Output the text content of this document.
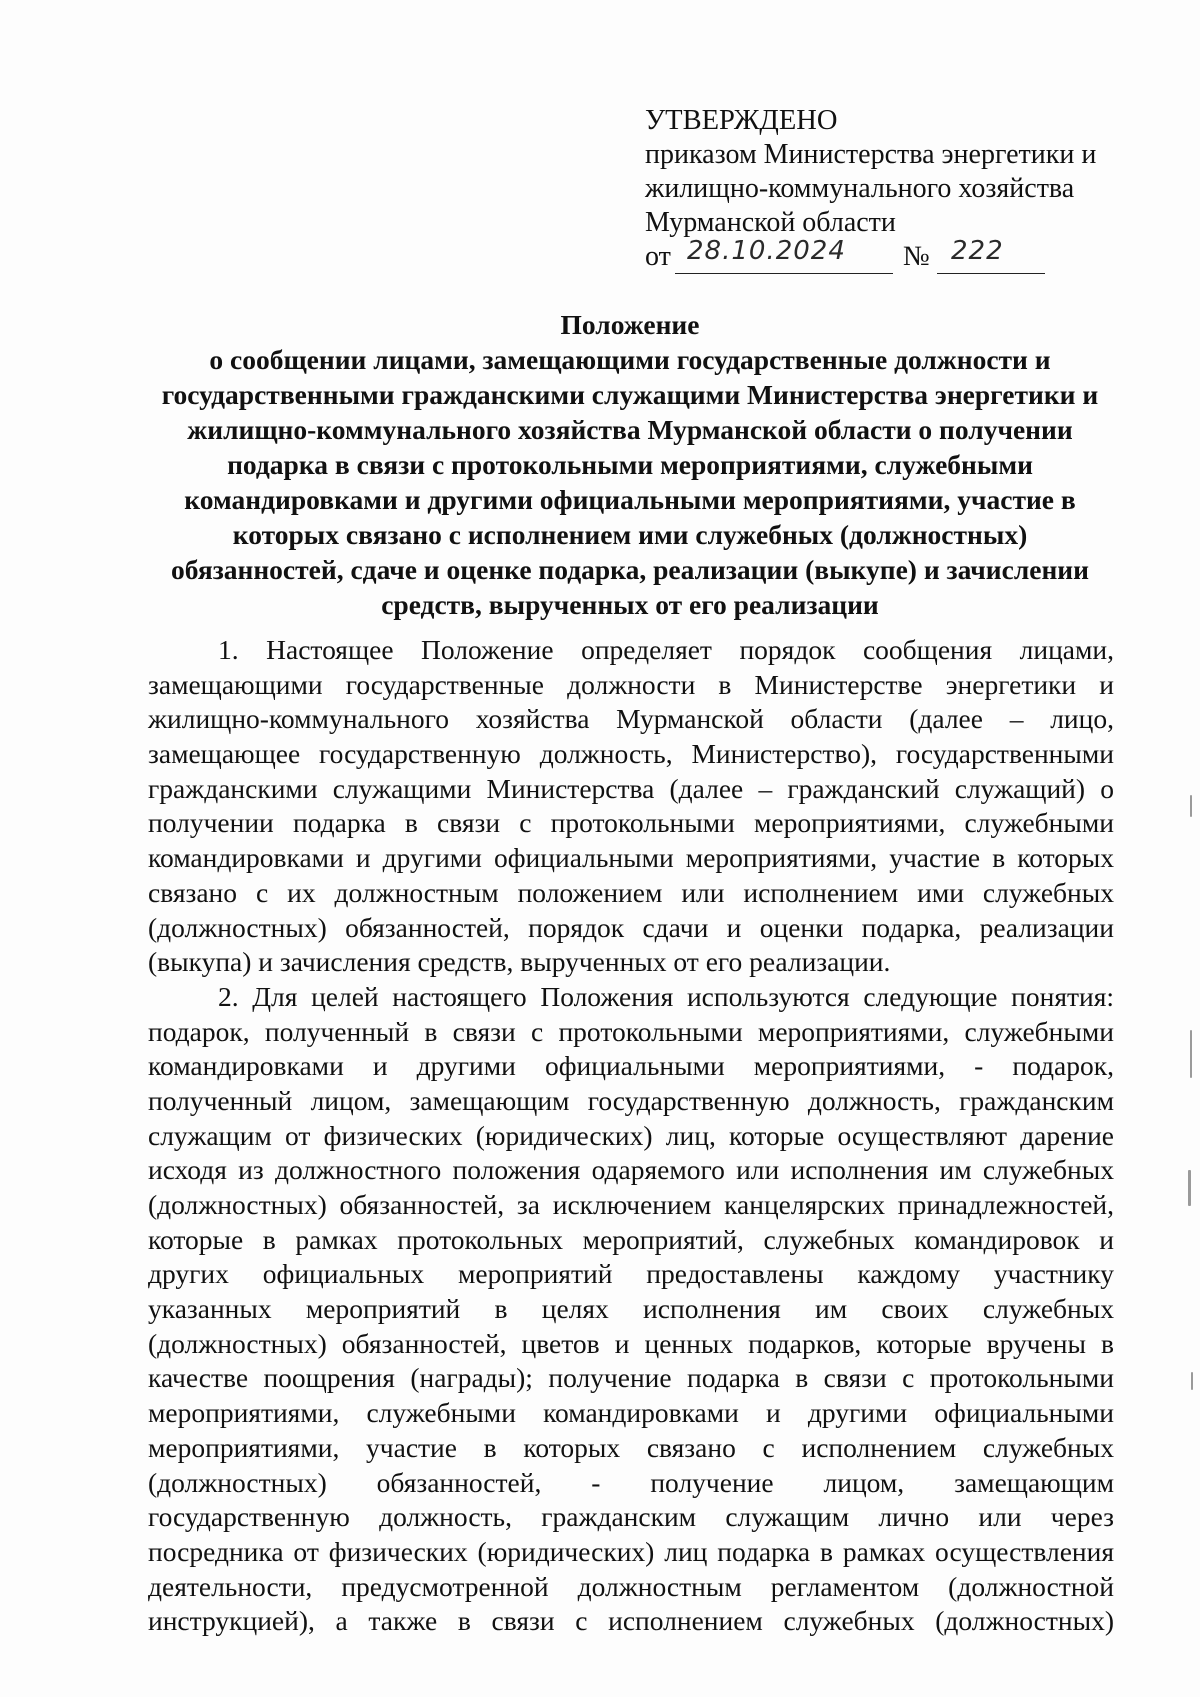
УТВЕРЖДЕНО
приказом Министерства энергетики и
жилищно-коммунального хозяйства
Мурманской области
от 28.10.2024 № 222
Положение
о сообщении лицами, замещающими государственные должности и
государственными гражданскими служащими Министерства энергетики и
жилищно-коммунального хозяйства Мурманской области о получении
подарка в связи с протокольными мероприятиями, служебными
командировками и другими официальными мероприятиями, участие в
которых связано с исполнением ими служебных (должностных)
обязанностей, сдаче и оценке подарка, реализации (выкупе) и зачислении
средств, вырученных от его реализации
1. Настоящее Положение определяет порядок сообщения лицами,
замещающими государственные должности в Министерстве энергетики и
жилищно-коммунального хозяйства Мурманской области (далее – лицо,
замещающее государственную должность, Министерство), государственными
гражданскими служащими Министерства (далее – гражданский служащий) о
получении подарка в связи с протокольными мероприятиями, служебными
командировками и другими официальными мероприятиями, участие в которых
связано с их должностным положением или исполнением ими служебных
(должностных) обязанностей, порядок сдачи и оценки подарка, реализации
(выкупа) и зачисления средств, вырученных от его реализации.
2. Для целей настоящего Положения используются следующие понятия:
подарок, полученный в связи с протокольными мероприятиями, служебными
командировками и другими официальными мероприятиями, - подарок,
полученный лицом, замещающим государственную должность, гражданским
служащим от физических (юридических) лиц, которые осуществляют дарение
исходя из должностного положения одаряемого или исполнения им служебных
(должностных) обязанностей, за исключением канцелярских принадлежностей,
которые в рамках протокольных мероприятий, служебных командировок и
других официальных мероприятий предоставлены каждому участнику
указанных мероприятий в целях исполнения им своих служебных
(должностных) обязанностей, цветов и ценных подарков, которые вручены в
качестве поощрения (награды); получение подарка в связи с протокольными
мероприятиями, служебными командировками и другими официальными
мероприятиями, участие в которых связано с исполнением служебных
(должностных) обязанностей, - получение лицом, замещающим
государственную должность, гражданским служащим лично или через
посредника от физических (юридических) лиц подарка в рамках осуществления
деятельности, предусмотренной должностным регламентом (должностной
инструкцией), а также в связи с исполнением служебных (должностных)
